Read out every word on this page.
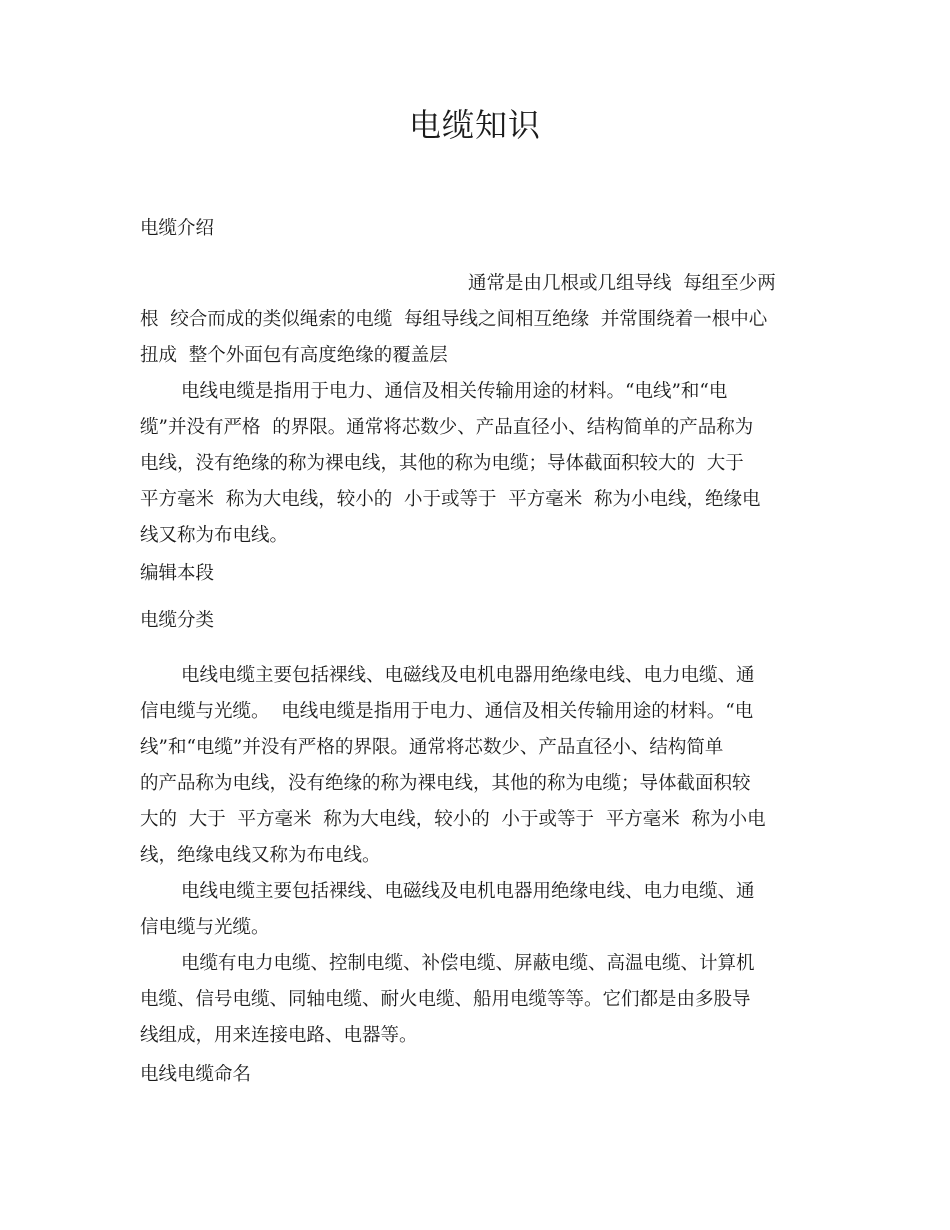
电缆知识
电缆介绍
通常是由几根或几组导线  每组至少两
根  绞合而成的类似绳索的电缆  每组导线之间相互绝缘  并常围绕着一根中心
扭成  整个外面包有高度绝缘的覆盖层
电线电缆是指用于电力、通信及相关传输用途的材料。“电线”和“电
缆”并没有严格  的界限。通常将芯数少、产品直径小、结构简单的产品称为
电线，没有绝缘的称为裸电线，其他的称为电缆；导体截面积较大的  大于
平方毫米  称为大电线，较小的  小于或等于  平方毫米  称为小电线，绝缘电
线又称为布电线。
编辑本段
电缆分类
电线电缆主要包括裸线、电磁线及电机电器用绝缘电线、电力电缆、通
信电缆与光缆。  电线电缆是指用于电力、通信及相关传输用途的材料。“电
线”和“电缆”并没有严格的界限。通常将芯数少、产品直径小、结构简单
的产品称为电线，没有绝缘的称为裸电线，其他的称为电缆；导体截面积较
大的  大于  平方毫米  称为大电线，较小的  小于或等于  平方毫米  称为小电
线，绝缘电线又称为布电线。
电线电缆主要包括裸线、电磁线及电机电器用绝缘电线、电力电缆、通
信电缆与光缆。
电缆有电力电缆、控制电缆、补偿电缆、屏蔽电缆、高温电缆、计算机
电缆、信号电缆、同轴电缆、耐火电缆、船用电缆等等。它们都是由多股导
线组成，用来连接电路、电器等。
电线电缆命名
